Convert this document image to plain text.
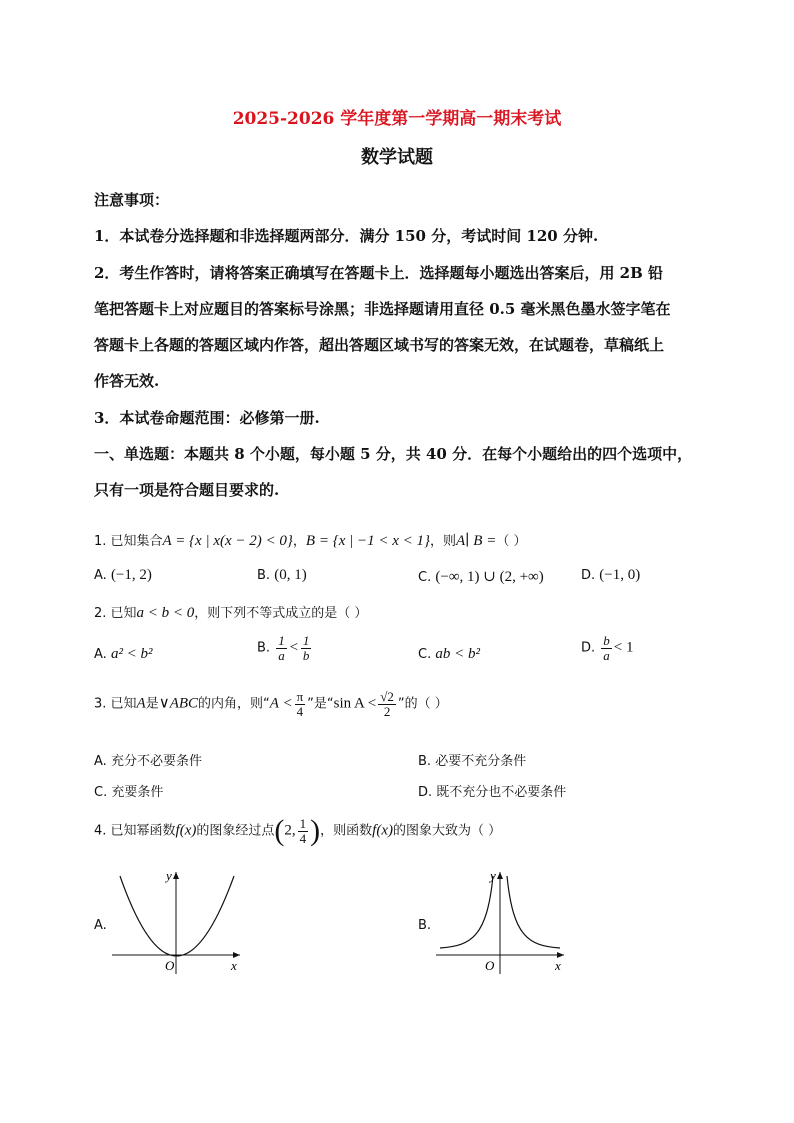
2025-2026 学年度第一学期高一期末考试
数学试题
注意事项：
1．本试卷分选择题和非选择题两部分．满分 150 分，考试时间 120 分钟.
2．考生作答时，请将答案正确填写在答题卡上．选择题每小题选出答案后，用 2B 铅
笔把答题卡上对应题目的答案标号涂黑；非选择题请用直径 0.5 毫米黑色墨水签字笔在
答题卡上各题的答题区域内作答，超出答题区域书写的答案无效，在试题卷，草稿纸上
作答无效.
3．本试卷命题范围：必修第一册.
一、单选题：本题共 8 个小题，每小题 5 分，共 40 分．在每个小题给出的四个选项中，
只有一项是符合题目要求的.
1. 已知集合A = {x | x(x − 2) < 0}，B = {x | −1 < x < 1}，则A∣ B =（ ）
A. (−1, 2)	B. (0, 1)	C. (−∞, 1) ∪ (2, +∞)	D. (−1, 0)
2. 已知a < b < 0，则下列不等式成立的是（ ）
A. a² < b²	B. $\frac{1}{a} < \frac{1}{b}$	C. ab < b²	D. $\frac{b}{a} < 1$
3. 已知A是∨ABC的内角，则“$A < \frac{\pi}{4}$ ”是“sin $A < \frac{√2}{2}$ ”的（ ）
A. 充分不必要条件	B. 必要不充分条件
C. 充要条件	D. 既不充分也不必要条件
4. 已知幂函数f(x)的图象经过点(2, $\frac{1}{4}$ )，则函数f(x)的图象大致为（ ）
A.
O	x
y
B.
O	x
y
